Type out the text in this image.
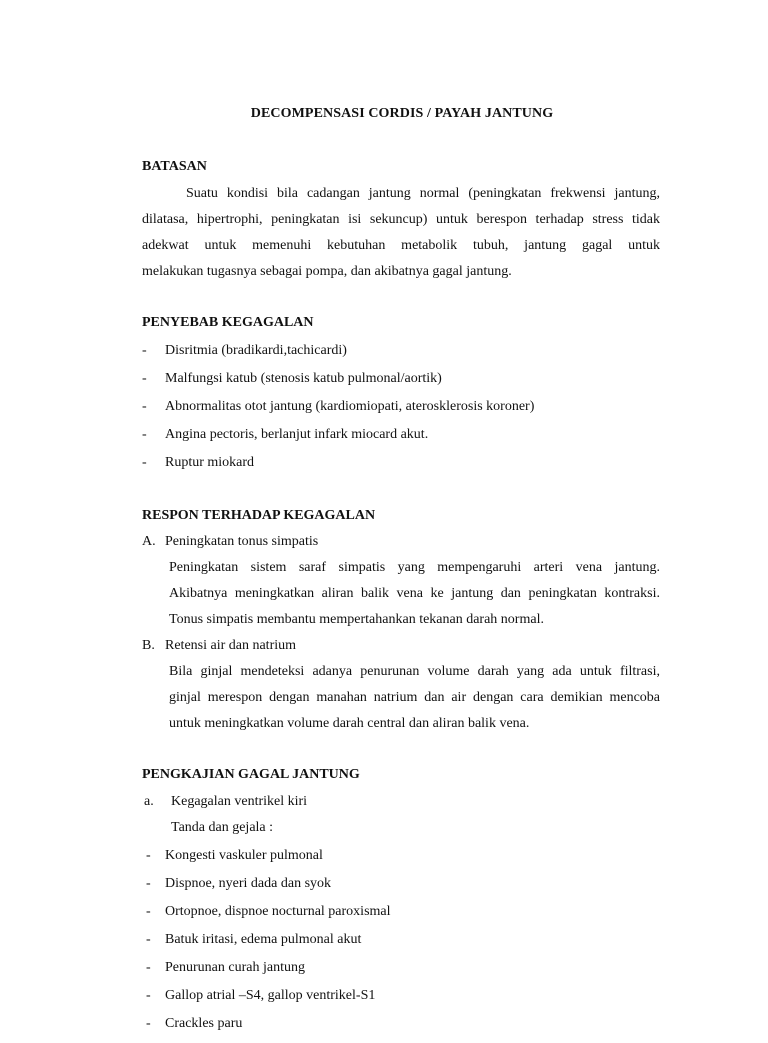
DECOMPENSASI CORDIS / PAYAH JANTUNG
BATASAN
Suatu kondisi bila cadangan jantung normal (peningkatan frekwensi jantung,
dilatasa, hipertrophi, peningkatan isi sekuncup) untuk berespon terhadap stress tidak
adekwat untuk memenuhi kebutuhan metabolik tubuh, jantung gagal untuk
melakukan tugasnya sebagai pompa, dan akibatnya gagal jantung.
PENYEBAB KEGAGALAN
- Disritmia (bradikardi,tachicardi)
- Malfungsi katub (stenosis katub pulmonal/aortik)
- Abnormalitas otot jantung (kardiomiopati, aterosklerosis koroner)
- Angina pectoris, berlanjut infark miocard akut.
- Ruptur miokard
RESPON TERHADAP KEGAGALAN
A. Peningkatan tonus simpatis
Peningkatan sistem saraf simpatis yang mempengaruhi arteri vena jantung.
Akibatnya meningkatkan aliran balik vena ke jantung dan peningkatan kontraksi.
Tonus simpatis membantu mempertahankan tekanan darah normal.
B. Retensi air dan natrium
Bila ginjal mendeteksi adanya penurunan volume darah yang ada untuk filtrasi,
ginjal merespon dengan manahan natrium dan air dengan cara demikian mencoba
untuk meningkatkan volume darah central dan aliran balik vena.
PENGKAJIAN GAGAL JANTUNG
a. Kegagalan ventrikel kiri
Tanda dan gejala :
- Kongesti vaskuler pulmonal
- Dispnoe, nyeri dada dan syok
- Ortopnoe, dispnoe nocturnal paroxismal
- Batuk iritasi, edema pulmonal akut
- Penurunan curah jantung
- Gallop atrial –S4, gallop ventrikel-S1
- Crackles paru
